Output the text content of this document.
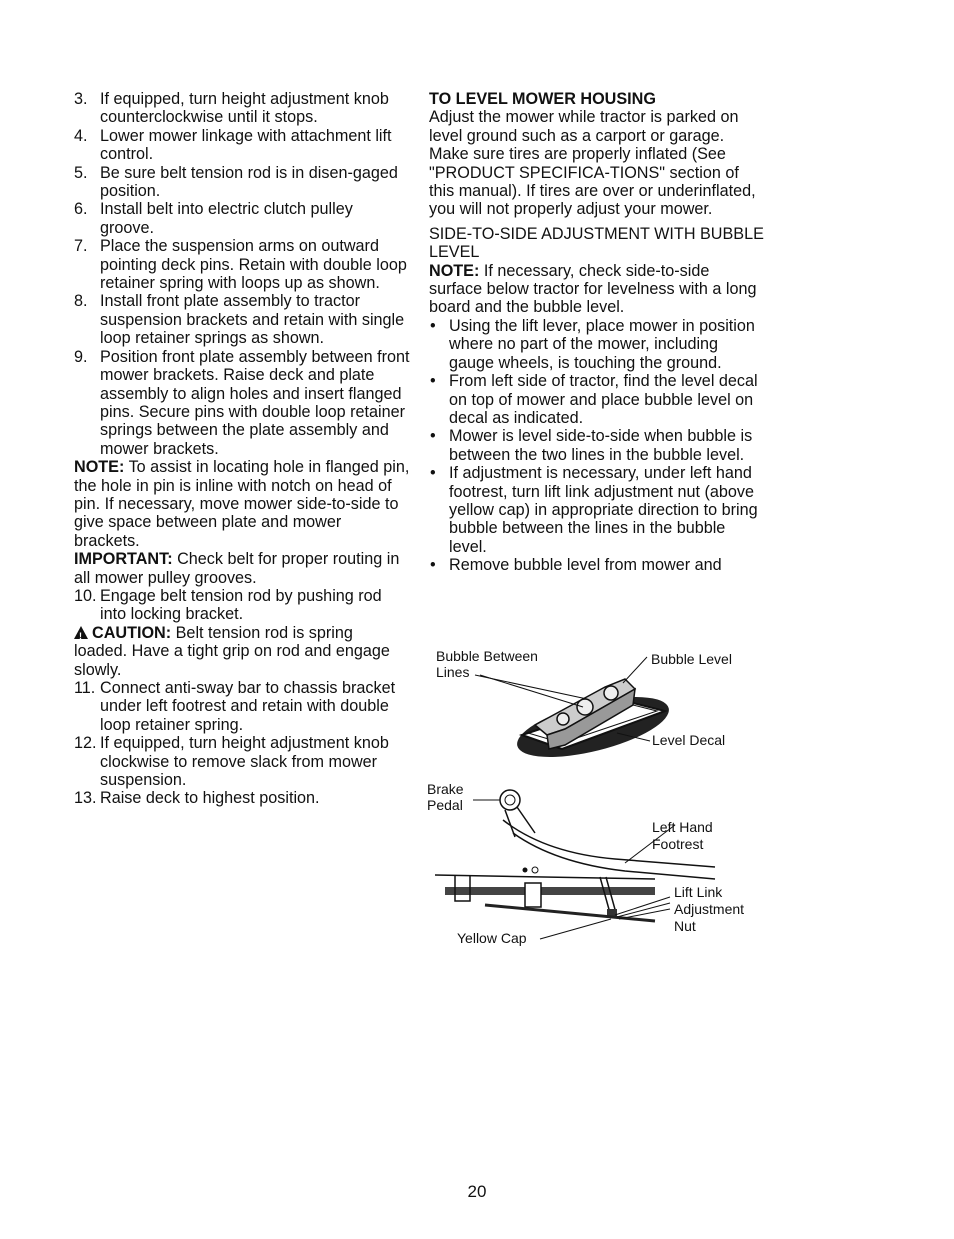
3. If equipped, turn height adjustment knob counterclockwise until it stops.
4. Lower mower linkage with attachment lift control.
5. Be sure belt tension rod is in disen-gaged position.
6. Install belt into electric clutch pulley groove.
7. Place the suspension arms on outward pointing deck pins. Retain with double loop retainer spring with loops up as shown.
8. Install front plate assembly to tractor suspension brackets and retain with single loop retainer springs as shown.
9. Position front plate assembly between front mower brackets. Raise deck and plate assembly to align holes and insert flanged pins. Secure pins with double loop retainer springs between the plate assembly and mower brackets.

NOTE: To assist in locating hole in flanged pin, the hole in pin is inline with notch on head of pin. If necessary, move mower side-to-side to give space between plate and mower brackets.

IMPORTANT: Check belt for proper routing in all mower pulley grooves.

10. Engage belt tension rod by pushing rod into locking bracket.

!CAUTION: Belt tension rod is spring loaded. Have a tight grip on rod and engage slowly.

11. Connect anti-sway bar to chassis bracket under left footrest and retain with double loop retainer spring.
12. If equipped, turn height adjustment knob clockwise to remove slack from mower suspension.
13. Raise deck to highest position.

TO LEVEL MOWER HOUSING

Adjust the mower while tractor is parked on level ground such as a carport or garage. Make sure tires are properly inflated (See "PRODUCT SPECIFICA-TIONS" section of this manual). If tires are over or underinflated, you will not properly adjust your mower.

SIDE-TO-SIDE ADJUSTMENT WITH BUBBLE LEVEL

NOTE: If necessary, check side-to-side surface below tractor for levelness with a long board and the bubble level.

• Using the lift lever, place mower in position where no part of the mower, including gauge wheels, is touching the ground.
• From left side of tractor, find the level decal on top of mower and place bubble level on decal as indicated.
• Mower is level side-to-side when bubble is between the two lines in the bubble level.
• If adjustment is necessary, under left hand footrest, turn lift link adjustment nut (above yellow cap) in appropriate direction to bring bubble between the lines in the bubble level.
• Remove bubble level from mower and
Bubble Between
Lines
Bubble Level
Level Decal
Brake
Pedal
Left Hand
Footrest
Lift Link
Adjustment
Nut
Yellow Cap
20
